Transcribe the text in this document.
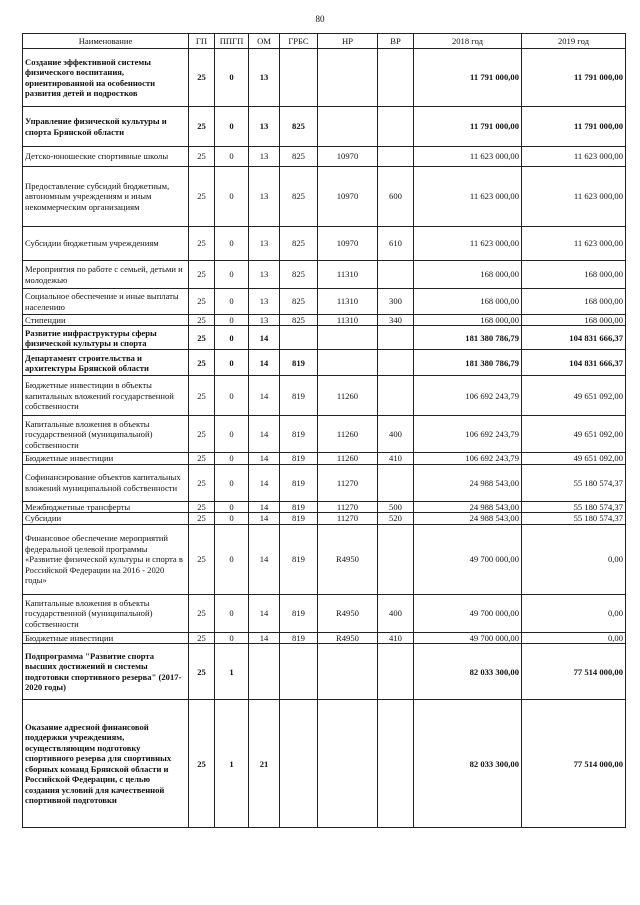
80
Наименование	ГП	ППГП	ОМ	ГРБС	НР	ВР	2018 год	2019 год
Создание эффективной системы физического воспитания, ориентированной на особенности развития детей и подростков	25	0	13				11 791 000,00	11 791 000,00
Управление физической культуры и спорта Брянской области	25	0	13	825			11 791 000,00	11 791 000,00
Детско-юношеские спортивные школы	25	0	13	825	10970		11 623 000,00	11 623 000,00
Предоставление субсидий бюджетным, автономным учреждениям и иным некоммерческим организациям	25	0	13	825	10970	600	11 623 000,00	11 623 000,00
Субсидии бюджетным учреждениям	25	0	13	825	10970	610	11 623 000,00	11 623 000,00
Мероприятия по работе с семьей, детьми и молодежью	25	0	13	825	11310		168 000,00	168 000,00
Социальное обеспечение и иные выплаты населению	25	0	13	825	11310	300	168 000,00	168 000,00
Стипендии	25	0	13	825	11310	340	168 000,00	168 000,00
Развитие инфраструктуры сферы физической культуры и спорта	25	0	14				181 380 786,79	104 831 666,37
Департамент строительства и архитектуры Брянской области	25	0	14	819			181 380 786,79	104 831 666,37
Бюджетные инвестиции в объекты капитальных вложений государственной собственности	25	0	14	819	11260		106 692 243,79	49 651 092,00
Капитальные вложения в объекты государственной (муниципальной) собственности	25	0	14	819	11260	400	106 692 243,79	49 651 092,00
Бюджетные инвестиции	25	0	14	819	11260	410	106 692 243,79	49 651 092,00
Софинансирование объектов капитальных вложений муниципальной собственности	25	0	14	819	11270		24 988 543,00	55 180 574,37
Межбюджетные трансферты	25	0	14	819	11270	500	24 988 543,00	55 180 574,37
Субсидии	25	0	14	819	11270	520	24 988 543,00	55 180 574,37
Финансовое обеспечение мероприятий федеральной целевой программы «Развитие физической культуры и спорта в Российской Федерации на 2016 - 2020 годы»	25	0	14	819	R4950		49 700 000,00	0,00
Капитальные вложения в объекты государственной (муниципальной) собственности	25	0	14	819	R4950	400	49 700 000,00	0,00
Бюджетные инвестиции	25	0	14	819	R4950	410	49 700 000,00	0,00
Подпрограмма "Развитие спорта высших достижений и системы подготовки спортивного резерва" (2017-2020 годы)	25	1					82 033 300,00	77 514 000,00
Оказание адресной финансовой поддержки учреждениям, осуществляющим подготовку спортивного резерва для спортивных сборных команд Брянской области и Российской Федерации, с целью создания условий для качественной спортивной подготовки	25	1	21				82 033 300,00	77 514 000,00
